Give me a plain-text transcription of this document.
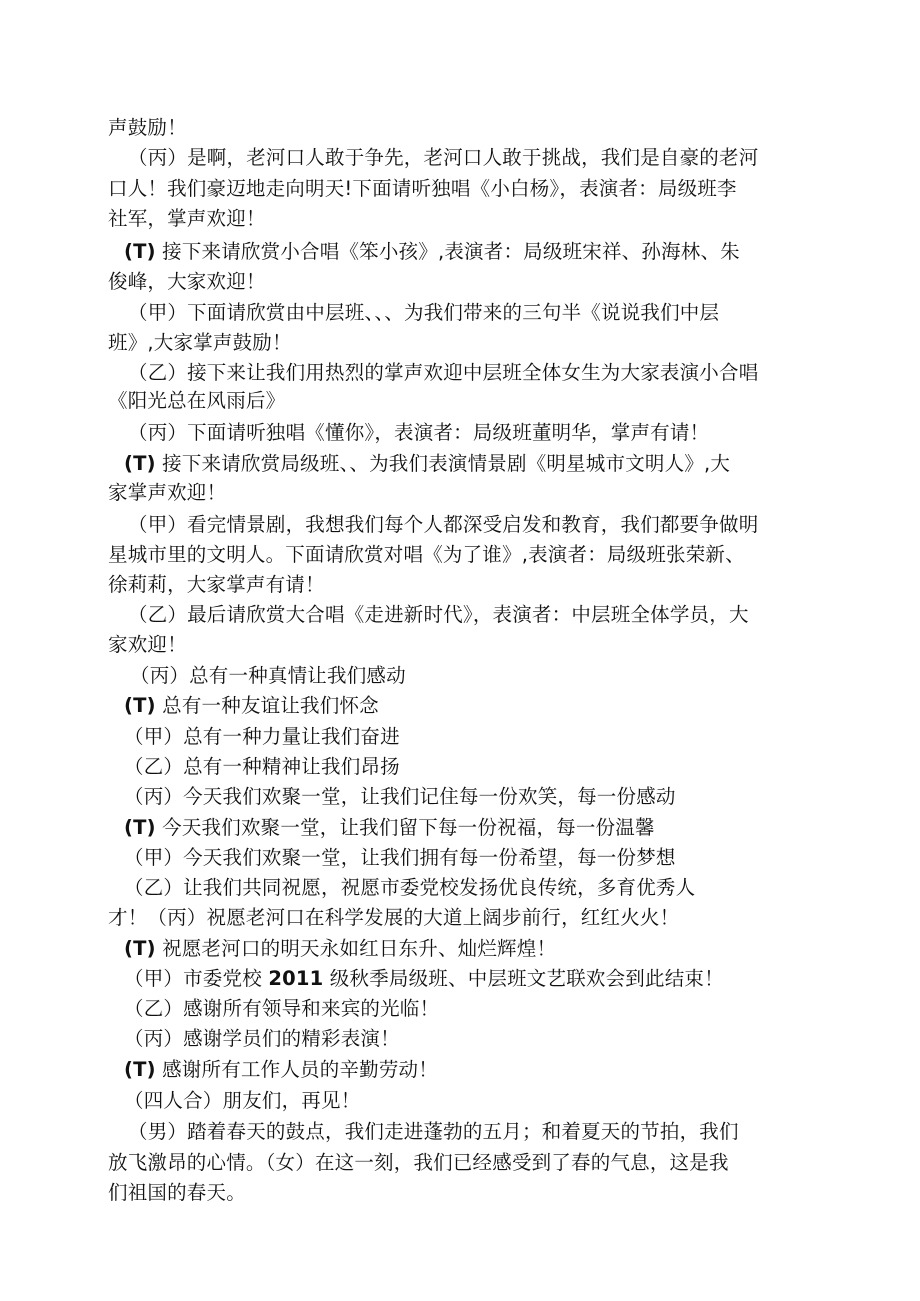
声鼓励！
（丙）是啊，老河口人敢于争先，老河口人敢于挑战，我们是自豪的老河
口人！我们豪迈地走向明天!下面请听独唱《小白杨》，表演者：局级班李
社军，掌声欢迎！
(T) 接下来请欣赏小合唱《笨小孩》,表演者：局级班宋祥、孙海林、朱
俊峰，大家欢迎！
（甲）下面请欣赏由中层班、、、为我们带来的三句半《说说我们中层
班》,大家掌声鼓励！
（乙）接下来让我们用热烈的掌声欢迎中层班全体女生为大家表演小合唱
《阳光总在风雨后》
（丙）下面请听独唱《懂你》，表演者：局级班董明华，掌声有请！
(T) 接下来请欣赏局级班、、为我们表演情景剧《明星城市文明人》,大
家掌声欢迎！
（甲）看完情景剧，我想我们每个人都深受启发和教育，我们都要争做明
星城市里的文明人。下面请欣赏对唱《为了谁》,表演者：局级班张荣新、
徐莉莉，大家掌声有请！
（乙）最后请欣赏大合唱《走进新时代》，表演者：中层班全体学员，大
家欢迎！
（丙）总有一种真情让我们感动
(T) 总有一种友谊让我们怀念
（甲）总有一种力量让我们奋进
（乙）总有一种精神让我们昂扬
（丙）今天我们欢聚一堂，让我们记住每一份欢笑，每一份感动
(T) 今天我们欢聚一堂，让我们留下每一份祝福，每一份温馨
（甲）今天我们欢聚一堂，让我们拥有每一份希望，每一份梦想
（乙）让我们共同祝愿，祝愿市委党校发扬优良传统，多育优秀人
才！（丙）祝愿老河口在科学发展的大道上阔步前行，红红火火！
(T) 祝愿老河口的明天永如红日东升、灿烂辉煌！
（甲）市委党校 2011 级秋季局级班、中层班文艺联欢会到此结束！
（乙）感谢所有领导和来宾的光临！
（丙）感谢学员们的精彩表演！
(T) 感谢所有工作人员的辛勤劳动！
（四人合）朋友们，再见！
（男）踏着春天的鼓点，我们走进蓬勃的五月；和着夏天的节拍，我们
放飞激昂的心情。（女）在这一刻，我们已经感受到了春的气息，这是我
们祖国的春天。
